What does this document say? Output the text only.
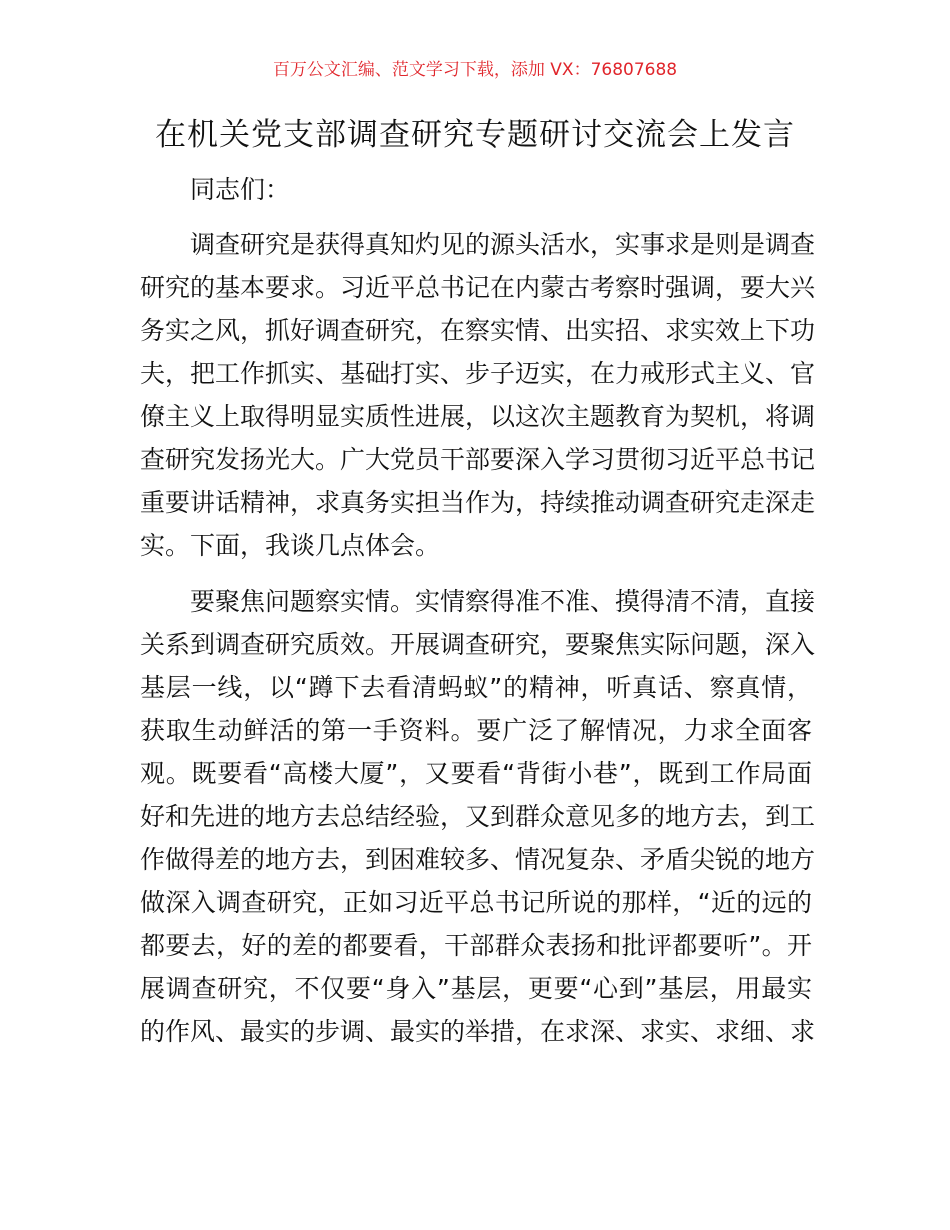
百万公文汇编、范文学习下载，添加 VX：76807688
在机关党支部调查研究专题研讨交流会上发言
同志们：
调查研究是获得真知灼见的源头活水，实事求是则是调查
研究的基本要求。习近平总书记在内蒙古考察时强调，要大兴
务实之风，抓好调查研究，在察实情、出实招、求实效上下功
夫，把工作抓实、基础打实、步子迈实，在力戒形式主义、官
僚主义上取得明显实质性进展，以这次主题教育为契机，将调
查研究发扬光大。广大党员干部要深入学习贯彻习近平总书记
重要讲话精神，求真务实担当作为，持续推动调查研究走深走
实。下面，我谈几点体会。
要聚焦问题察实情。实情察得准不准、摸得清不清，直接
关系到调查研究质效。开展调查研究，要聚焦实际问题，深入
基层一线，以“蹲下去看清蚂蚁”的精神，听真话、察真情，
获取生动鲜活的第一手资料。要广泛了解情况，力求全面客
观。既要看“高楼大厦”，又要看“背街小巷”，既到工作局面
好和先进的地方去总结经验，又到群众意见多的地方去，到工
作做得差的地方去，到困难较多、情况复杂、矛盾尖锐的地方
做深入调查研究，正如习近平总书记所说的那样，“近的远的
都要去，好的差的都要看，干部群众表扬和批评都要听”。开
展调查研究，不仅要“身入”基层，更要“心到”基层，用最实
的作风、最实的步调、最实的举措，在求深、求实、求细、求
